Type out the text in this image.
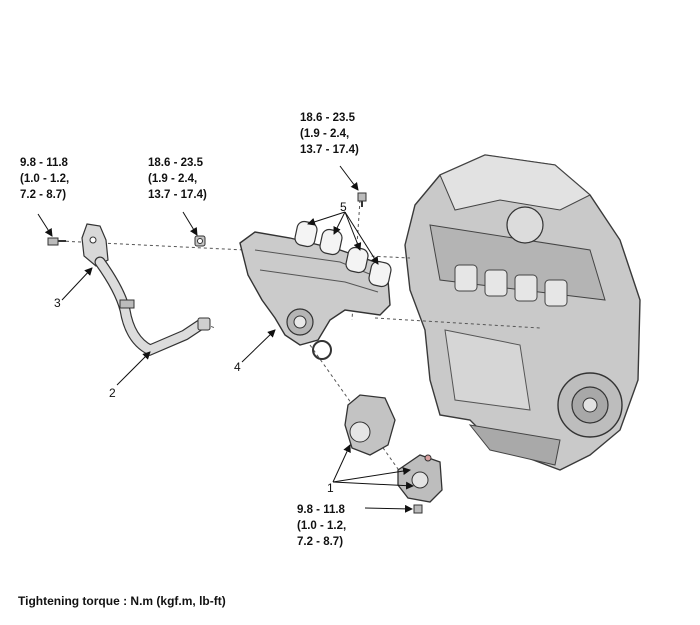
9.8 - 11.8
(1.0 - 1.2,
7.2 - 8.7)
18.6 - 23.5
(1.9 - 2.4,
13.7 - 17.4)
18.6 - 23.5
(1.9 - 2.4,
13.7 - 17.4)
9.8 - 11.8
(1.0 - 1.2,
7.2 - 8.7)
1
2
3
4
5
Tightening torque : N.m (kgf.m, lb-ft)
